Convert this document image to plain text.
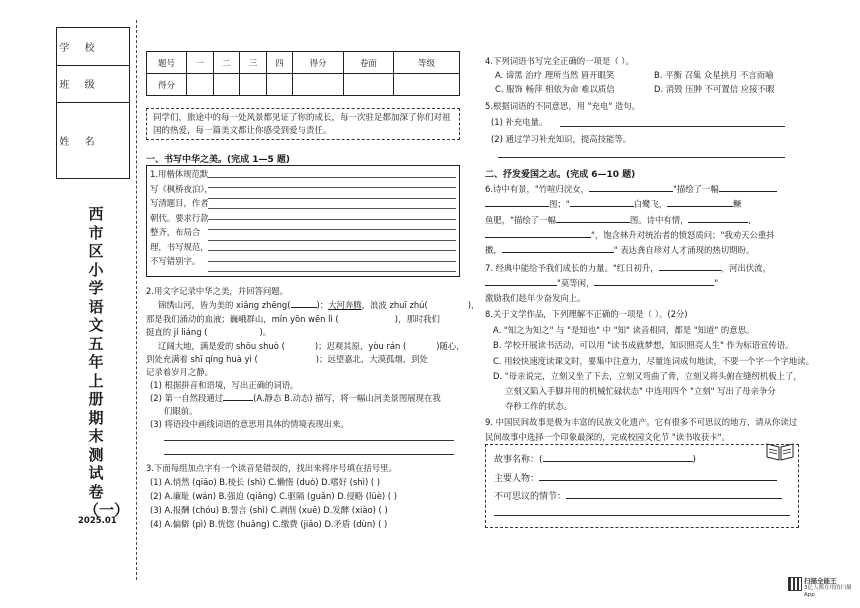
学 校
班 级
姓 名
西市区小学语文五年上册期末测试卷（一）
2025.01
题号	一	二	三	四	得分	卷面	等级
得分							
同学们，旅途中的每一处风景都见证了你的成长，每一次驻足都加深了你们对祖国的热爱，每一篇美文都让你感受到爱与责任。
一、书写中华之美。(完成 1—5 题)
1.用楷体规范默写《枫桥夜泊》，写清题目，作者朝代。要求行款整齐，布局合理，书写规范，不写错别字。
2.用文字记录中华之美，并回答问题。
锦绣山河，皆为美的 xiǎng zhēng(	)：大河奔腾，浪波 zhuī zhú(	)，
那是我们涌动的血液；巍峨群山，mín yōn wēn lì (	)，那时我们
挺直的 jí liáng (	)。
辽阔大地，满是爱的 shōu shuò (	)；迟观其原，yòu rán (	)随心，
到处充满着 shī qíng huà yì (	)；远望嘉北，大漠孤烟，到处
记录着岁月之静。
(1) 根据拼音和语境，写出正确的词语。
(2) 第一自然段通过	(A.静态 B.动态) 描写，将一幅山河美景图展现在我
们眼前。
(3) 将语段中画线词语的意思用具体的情境表现出来。
3.下面每组加点字有一个读音是错误的，找出来将序号填在括号里。
(1) A.悄然 (qiāo) B.棱长 (shì) C.懒惰 (duò) D.嗜好 (shì) ( )
(2) A.廉耻 (wán) B.强迫 (qiǎng) C.驱隔 (guǎn) D.侵略 (lüè) ( )
(3) A.报酬 (chóu) B.誓言 (shì) C.剥削 (xuē) D.发酵 (xiào) ( )
(4) A.偏僻 (pì) B.恍惚 (huǎng) C.缴费 (jiǎo) D.矛盾 (dùn) ( )
4.下列词语书写完全正确的一项是（ ）。
A. 谛黑 治疗 理所当然 眉开眼笑	B. 平衡 召集 众星拱月 不言而喻
C. 服饰 畅萍 相依为命 难以质信	D. 消毁 压肿 不可置信 应接不暇
5.根据词语的不同意思，用 "充电" 造句。
(1) 补充电量。
(2) 通过学习补充知识，提高技能等。
二、抒发爱国之志。(完成 6—10 题)
6.诗中有景，"竹喧归浣女，	"描绘了一幅
图；"	白鹭飞，	鳜
鱼肥，"描绘了一幅	图。诗中有情，	,
"，饱含林升对统治者的愤怒质问；"我劝天公重抖
擞，	" 表达龚自珍对人才涌现的热切期盼。
7. 经典中能给予我们成长的力量。"红日初升，	，河出伏流，
"莫等闲，	"
激励我们趁年少奋发向上。
8.关于文学作品，下列理解不正确的一项是（ ）。(2分)
A. "知之为知之" 与 "是知也" 中 "知" 读音相同，都是 "知道" 的意思。
B. 学校开展读书活动，可以用 "读书成就梦想，知识照亮人生" 作为标语宣传语。
C. 用较快速度读课文时，要集中注意力，尽量连词成句地读，不要一个字一个字地读。
D. "母亲说完，立刻又坐了下去，立刻又弯曲了背，立刻又将头俯在缝纫机板上了，
立刻又陷入手脚并用的机械忙碌状态" 中连用四个 "立刻" 写出了母亲争分
夺秒工作的状态。
9. 中国民间故事是极为丰富的民族文化遗产。它有很多不可思议的地方，请从你读过
民间故事中选择一个印象最深的，完成校园文化节 "读书收获卡"。
故事名称：(	)
主要人物：
不可思议的情节：
扫描全能王
3亿人都在用的扫描App
